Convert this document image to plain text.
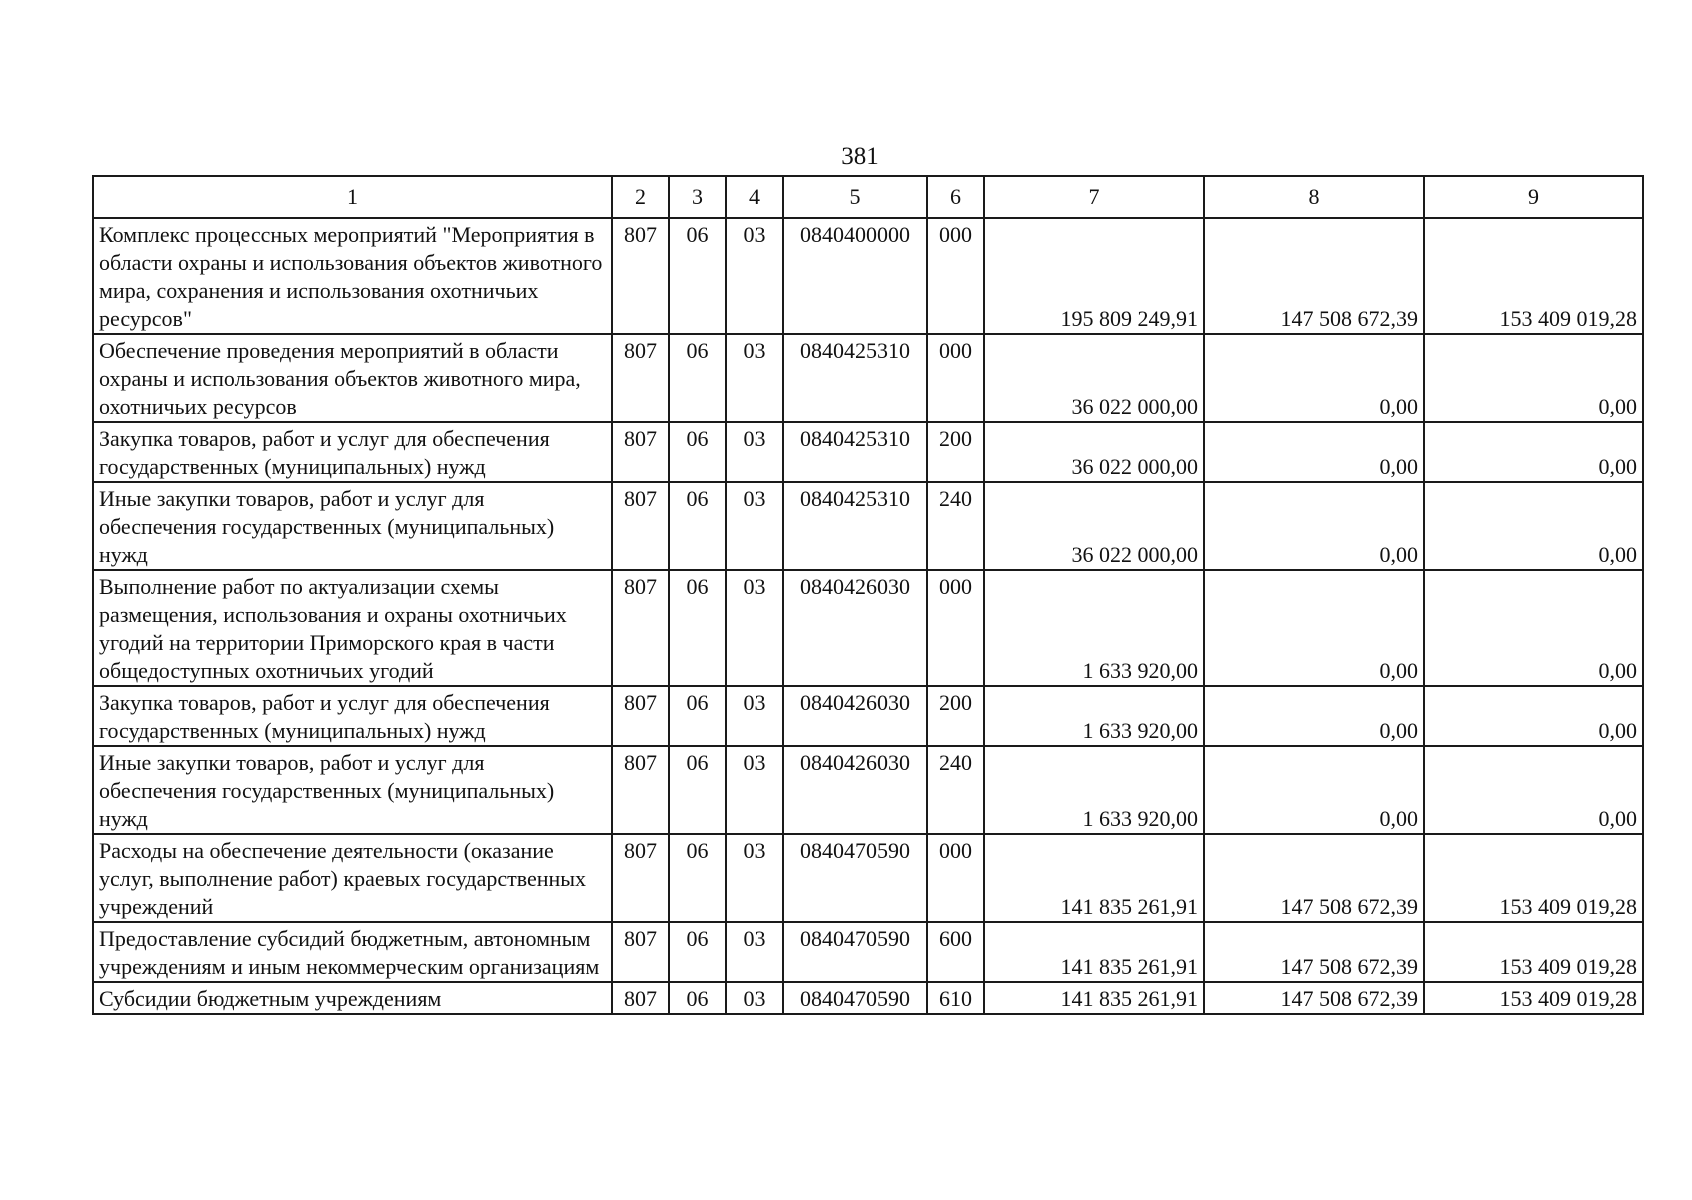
381
1	2	3	4	5	6	7	8	9
Комплекс процессных мероприятий "Мероприятия в области охраны и использования объектов животного мира, сохранения и использования охотничьих ресурсов"	807	06	03	0840400000	000	195 809 249,91	147 508 672,39	153 409 019,28
Обеспечение проведения мероприятий в области охраны и использования объектов животного мира, охотничьих ресурсов	807	06	03	0840425310	000	36 022 000,00	0,00	0,00
Закупка товаров, работ и услуг для обеспечения государственных (муниципальных) нужд	807	06	03	0840425310	200	36 022 000,00	0,00	0,00
Иные закупки товаров, работ и услуг для обеспечения государственных (муниципальных) нужд	807	06	03	0840425310	240	36 022 000,00	0,00	0,00
Выполнение работ по актуализации схемы размещения, использования и охраны охотничьих угодий на территории Приморского края в части общедоступных охотничьих угодий	807	06	03	0840426030	000	1 633 920,00	0,00	0,00
Закупка товаров, работ и услуг для обеспечения государственных (муниципальных) нужд	807	06	03	0840426030	200	1 633 920,00	0,00	0,00
Иные закупки товаров, работ и услуг для обеспечения государственных (муниципальных) нужд	807	06	03	0840426030	240	1 633 920,00	0,00	0,00
Расходы на обеспечение деятельности (оказание услуг, выполнение работ) краевых государственных учреждений	807	06	03	0840470590	000	141 835 261,91	147 508 672,39	153 409 019,28
Предоставление субсидий бюджетным, автономным учреждениям и иным некоммерческим организациям	807	06	03	0840470590	600	141 835 261,91	147 508 672,39	153 409 019,28
Субсидии бюджетным учреждениям	807	06	03	0840470590	610	141 835 261,91	147 508 672,39	153 409 019,28
